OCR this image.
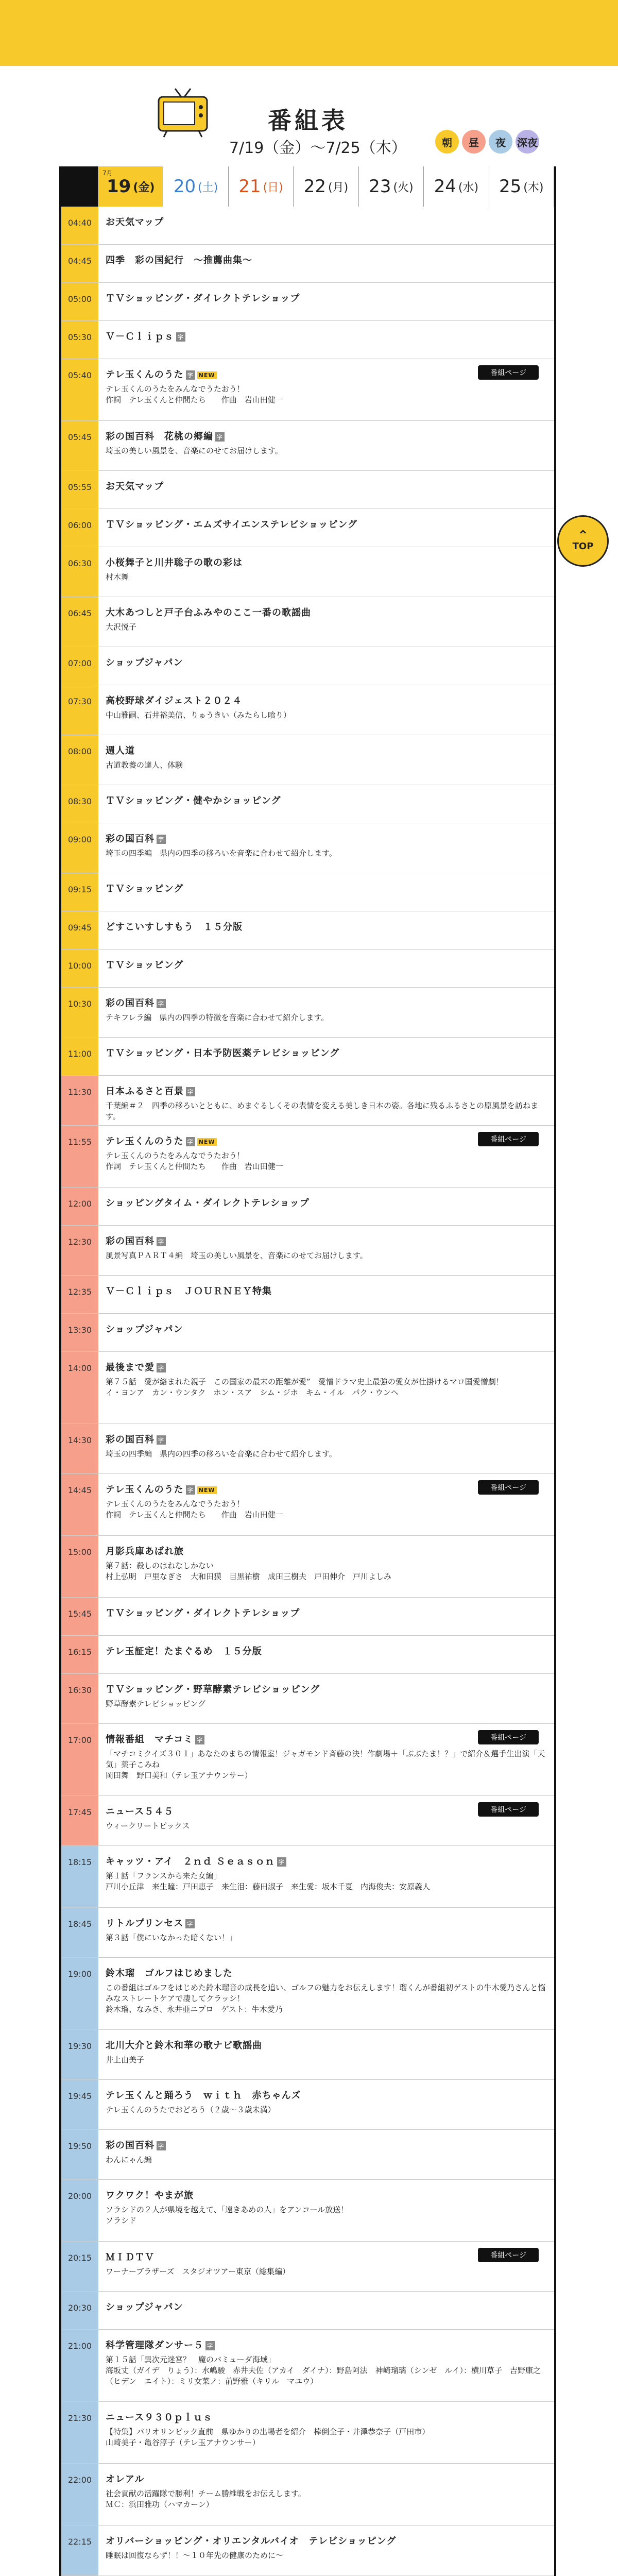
番組表
7/19（金）〜7/25（木）	朝	昼	夜	深夜
7月
19 (金) 20 (土) 21 (日) 22 (月) 23 (火) 24 (水) 25 (木)
04:40	お天気マップ
04:45	四季　彩の国紀行　〜推薦曲集〜
05:00	ＴＶショッピング・ダイレクトテレショップ
05:30	Ｖ－Ｃｌｉｐｓ 字
05:40	テレ玉くんのうた 字 NEW
テレ玉くんのうたをみんなでうたおう！
作詞　テレ玉くんと仲間たち　　作曲　岩山田健一
番組ページ
05:45	彩の国百科　花桃の郷編 字
埼玉の美しい風景を、音楽にのせてお届けします。
05:55	お天気マップ
06:00	ＴＶショッピング・エムズサイエンステレビショッピング
06:30	小桜舞子と川井聡子の歌の彩は
村木舞
06:45	大木あつしと戸子台ふみやのここ一番の歌謡曲
大沢悦子
07:00	ショップジャパン
07:30	高校野球ダイジェスト２０２４
中山雅嗣、石井裕美信、りゅうきい（みたらし喰り）
08:00	週人道
古道教養の達人、体験
08:30	ＴＶショッピング・健やかショッピング
09:00	彩の国百科 字
埼玉の四季編　県内の四季の移ろいを音楽に合わせて紹介します。
09:15	ＴＶショッピング
09:45	どすこいすしすもう　１５分版
10:00	ＴＶショッピング
10:30	彩の国百科 字
テキフレラ編　県内の四季の特徴を音楽に合わせて紹介します。
11:00	ＴＶショッピング・日本予防医薬テレビショッピング
11:30	日本ふるさと百景 字
千葉編＃２　四季の移ろいとともに、めまぐるしくその表情を変える美しき日本の姿。各地に残るふるさとの原風景を訪ねます。
11:55	テレ玉くんのうた 字 NEW
テレ玉くんのうたをみんなでうたおう！
作詞　テレ玉くんと仲間たち　　作曲　岩山田健一
番組ページ
12:00	ショッピングタイム・ダイレクトテレショップ
12:30	彩の国百科 字
風景写真ＰＡＲＴ４編　埼玉の美しい風景を、音楽にのせてお届けします。
12:35	Ｖ－Ｃｌｉｐｓ　ＪＯＵＲＮＥＹ特集
13:30	ショップジャパン
14:00	最後まで愛 字
第７５話　愛が絡まれた親子　この国家の最末の距離が愛”　愛憎ドラマ史上最強の愛女が仕掛けるマロ国愛憎劇！
イ・ヨンア　カン・ウンタク　ホン・スア　シム・ジホ　キム・イル　パク・ウンヘ
14:30	彩の国百科 字
埼玉の四季編　県内の四季の移ろいを音楽に合わせて紹介します。
14:45	テレ玉くんのうた 字 NEW
テレ玉くんのうたをみんなでうたおう！
作詞　テレ玉くんと仲間たち　　作曲　岩山田健一
番組ページ
15:00	月影兵庫あばれ旅
第７話：殺しのはねなしかない
村上弘明　戸里なぎさ　大和田獏　目黒祐樹　成田三樹夫　戸田伸介　戸川よしみ
15:45	ＴＶショッピング・ダイレクトテレショップ
16:15	テレ玉証定！たまぐるめ　１５分版
16:30	ＴＶショッピング・野草酵素テレビショッピング
野草酵素テレビショッピング
17:00	情報番組　マチコミ 字
「マチコミクイズ３０１」あなたのまちの情報室！ジャガモンド斉藤の決！作劇場＋「ぶぶたま！？」で紹介＆選手生出演「天気」薬子こみね
岡田舞　野口美和（テレ玉アナウンサー）
番組ページ
17:45	ニュース５４５
ウィークリートピックス
番組ページ
18:15	キャッツ・アイ　２ｎｄ Ｓｅａｓｏｎ 字
第１話「フランスから来た女編」
戸川小丘津　来生瞳：戸田恵子　来生泪：藤田淑子　来生愛：坂本千夏　内海俊夫：安原義人
18:45	リトルプリンセス 字
第３話「僕にいなかった暗くない！」
19:00	鈴木瑠　ゴルフはじめました
この番組はゴルフをはじめた鈴木瑠音の成長を追い、ゴルフの魅力をお伝えします！瑠くんが番組初ゲストの牛木愛乃さんと悩みなストレートケアで凄してクラッシ！
鈴木瑠、なみき、永井亜ニプロ　ゲスト：牛木愛乃
19:30	北川大介と鈴木和華の歌ナビ歌謡曲
井上由美子
19:45	テレ玉くんと踊ろう　ｗｉｔｈ　赤ちゃんズ
テレ玉くんのうたでおどろう（２歳〜３歳未満）
19:50	彩の国百科 字
わんにゃん編
20:00	ワクワク！やまが旅
ソラシドの２人が県境を越えて、「遠きあめの人」をアンコール放送！
ソラシド
20:15	ＭＩＤＴＶ
ワーナーブラザーズ　スタジオツアー東京（総集編）
番組ページ
20:30	ショップジャパン
21:00	科学管理隊ダンサー５ 字
第１５話「異次元迷宮？　魔のバミューダ海域」
海坂丈（ガイデ　りょう）：水嶋駿　赤井夫佐（アカイ　ダイナ）：野島阿法　神崎瑠璃（シンゼ　ルイ）：横川草子　吉野康之（ヒデン　エイト）：ミリ女菜ノ：前野雅（キリル　マユウ）
21:30	ニュース９３０ｐｌｕｓ
【特集】パリオリンピック直前　県ゆかりの出場者を紹介　棒倒全子・井澤恭奈子（戸田市）
山崎美子・亀谷淳子（テレ玉アナウンサー）
22:00	オレアル
社会貢献の活躍隊で勝利！チーム勝維戦をお伝えします。
ＭＣ：浜田雅功（ハマカーン）
22:15	オリバーショッピング・オリエンタルバイオ　テレビショッピング
睡眠は回復ならず！！〜１０年先の健康のために〜
⌃
TOP
